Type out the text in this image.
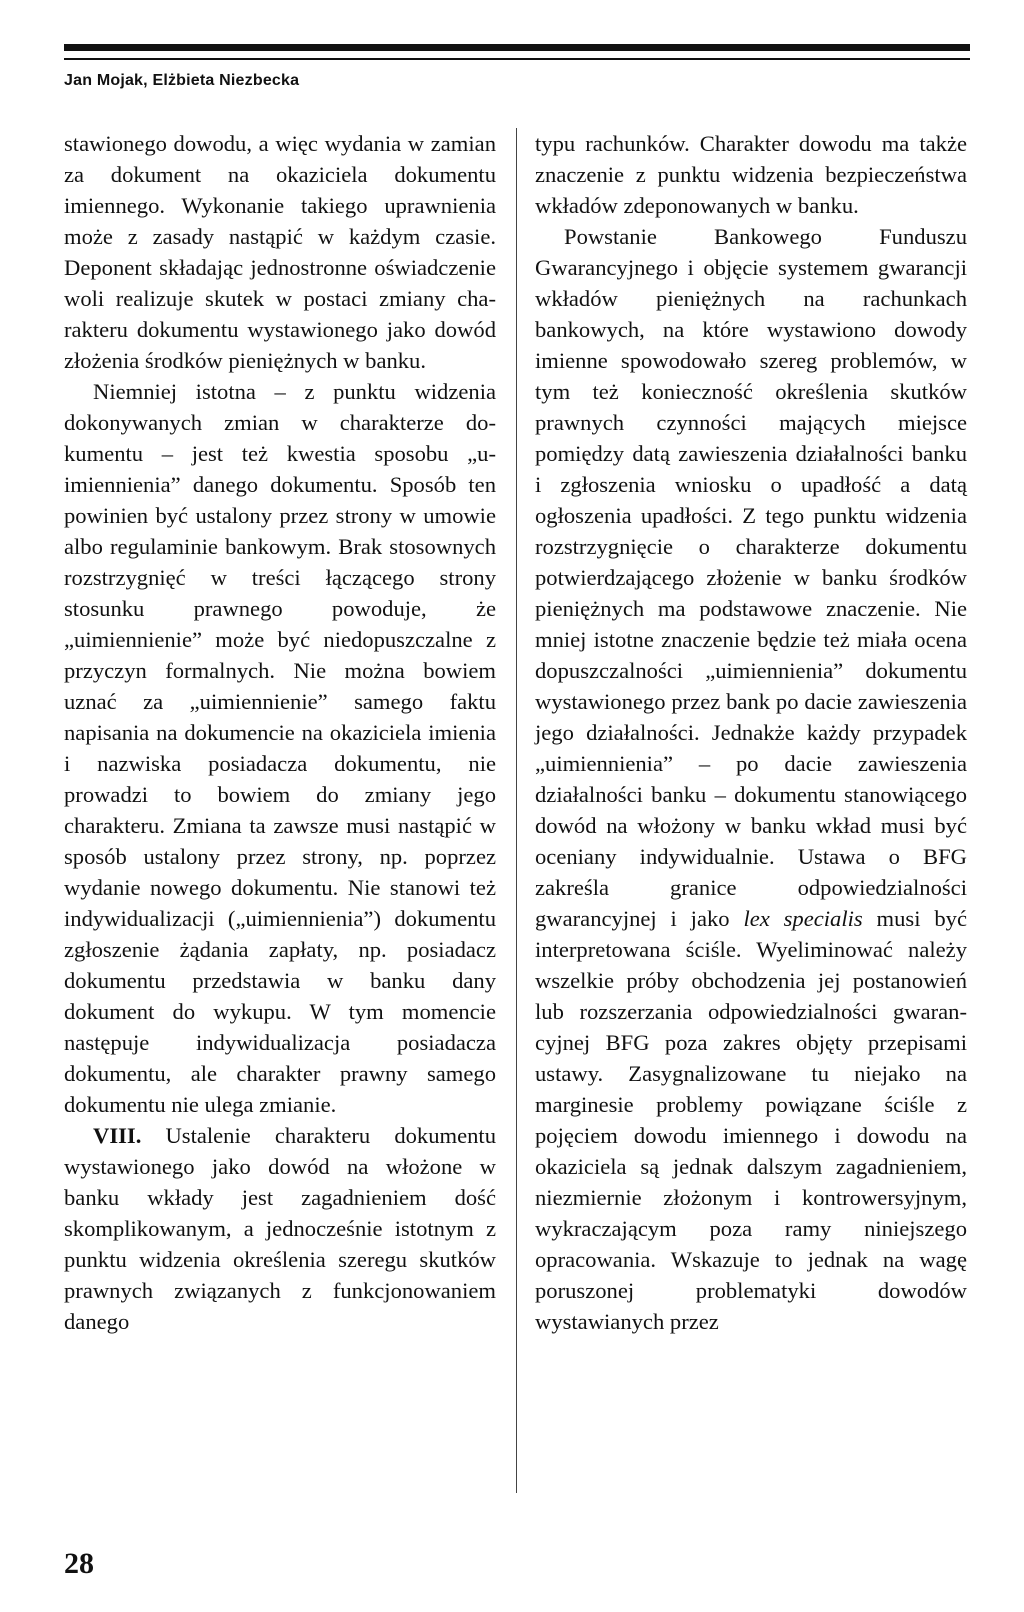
Jan Mojak, Elżbieta Niezbecka

stawionego dowodu, a więc wydania w zamian za dokument na okaziciela dokumentu imiennego. Wykonanie takiego uprawnienia może z zasady nastąpić w każdym czasie. Deponent składając jednostronne oświadczenie woli realizuje skutek w postaci zmiany charakteru dokumentu wystawionego jako dowód złożenia środków pieniężnych w banku.

Niemniej istotna – z punktu widzenia dokonywanych zmian w charakterze dokumentu – jest też kwestia sposobu „uimiennienia” danego dokumentu. Sposób ten powinien być ustalony przez strony w umowie albo regulaminie bankowym. Brak stosownych rozstrzygnięć w treści łączącego strony stosunku prawnego powoduje, że „uimiennienie” może być niedopuszczalne z przyczyn formalnych. Nie można bowiem uznać za „uimiennienie” samego faktu napisania na dokumencie na okaziciela imienia i nazwiska posiadacza dokumentu, nie prowadzi to bowiem do zmiany jego charakteru. Zmiana ta zawsze musi nastąpić w sposób ustalony przez strony, np. poprzez wydanie nowego dokumentu. Nie stanowi też indywidualizacji („uimiennienia”) dokumentu zgłoszenie żądania zapłaty, np. posiadacz dokumentu przedstawia w banku dany dokument do wykupu. W tym momencie następuje indywidualizacja posiadacza dokumentu, ale charakter prawny samego dokumentu nie ulega zmianie.

VIII. Ustalenie charakteru dokumentu wystawionego jako dowód na włożone w banku wkłady jest zagadnieniem dość skomplikowanym, a jednocześnie istotnym z punktu widzenia określenia szeregu skutków prawnych związanych z funkcjonowaniem danego

typu rachunków. Charakter dowodu ma także znaczenie z punktu widzenia bezpieczeństwa wkładów zdeponowanych w banku.

Powstanie Bankowego Funduszu Gwarancyjnego i objęcie systemem gwarancji wkładów pieniężnych na rachunkach bankowych, na które wystawiono dowody imienne spowodowało szereg problemów, w tym też konieczność określenia skutków prawnych czynności mających miejsce pomiędzy datą zawieszenia działalności banku i zgłoszenia wniosku o upadłość a datą ogłoszenia upadłości. Z tego punktu widzenia rozstrzygnięcie o charakterze dokumentu potwierdzającego złożenie w banku środków pieniężnych ma podstawowe znaczenie. Nie mniej istotne znaczenie będzie też miała ocena dopuszczalności „uimiennienia” dokumentu wystawionego przez bank po dacie zawieszenia jego działalności. Jednakże każdy przypadek „uimiennienia” – po dacie zawieszenia działalności banku – dokumentu stanowiącego dowód na włożony w banku wkład musi być oceniany indywidualnie. Ustawa o BFG zakreśla granice odpowiedzialności gwarancyjnej i jako lex specialis musi być interpretowana ściśle. Wyeliminować należy wszelkie próby obchodzenia jej postanowień lub rozszerzania odpowiedzialności gwarancyjnej BFG poza zakres objęty przepisami ustawy. Zasygnalizowane tu niejako na marginesie problemy powiązane ściśle z pojęciem dowodu imiennego i dowodu na okaziciela są jednak dalszym zagadnieniem, niezmiernie złożonym i kontrowersyjnym, wykraczającym poza ramy niniejszego opracowania. Wskazuje to jednak na wagę poruszonej problematyki dowodów wystawianych przez

28
